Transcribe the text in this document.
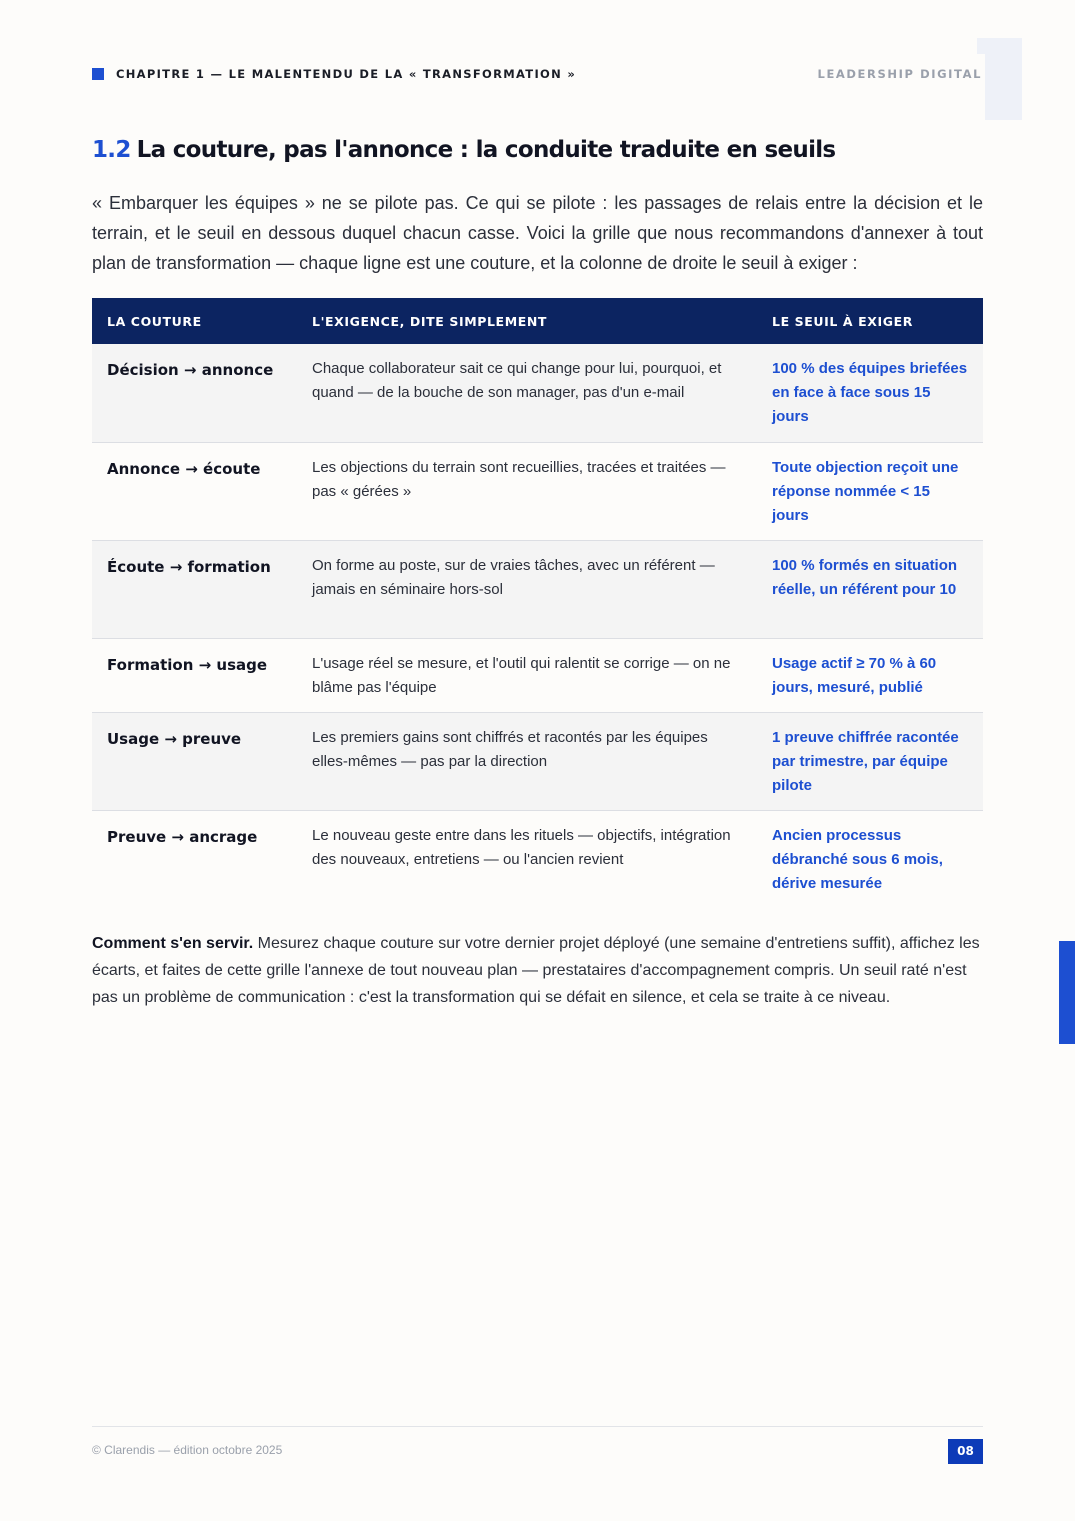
CHAPITRE 1 — LE MALENTENDU DE LA « TRANSFORMATION »	LEADERSHIP DIGITAL
1.2 La couture, pas l'annonce : la conduite traduite en seuils

« Embarquer les équipes » ne se pilote pas. Ce qui se pilote : les passages de relais entre la décision et le terrain, et le seuil en dessous duquel chacun casse. Voici la grille que nous recommandons d'annexer à tout plan de transformation — chaque ligne est une couture, et la colonne de droite le seuil à exiger :

LA COUTURE	L'EXIGENCE, DITE SIMPLEMENT	LE SEUIL À EXIGER
Décision → annonce	Chaque collaborateur sait ce qui change pour lui, pourquoi, et quand — de la bouche de son manager, pas d'un e-mail	100 % des équipes briefées en face à face sous 15 jours
Annonce → écoute	Les objections du terrain sont recueillies, tracées et traitées — pas « gérées »	Toute objection reçoit une réponse nommée < 15 jours
Écoute → formation	On forme au poste, sur de vraies tâches, avec un référent — jamais en séminaire hors-sol	100 % formés en situation réelle, un référent pour 10
Formation → usage	L'usage réel se mesure, et l'outil qui ralentit se corrige — on ne blâme pas l'équipe	Usage actif ≥ 70 % à 60 jours, mesuré, publié
Usage → preuve	Les premiers gains sont chiffrés et racontés par les équipes elles-mêmes — pas par la direction	1 preuve chiffrée racontée par trimestre, par équipe pilote
Preuve → ancrage	Le nouveau geste entre dans les rituels — objectifs, intégration des nouveaux, entretiens — ou l'ancien revient	Ancien processus débranché sous 6 mois, dérive mesurée

Comment s'en servir. Mesurez chaque couture sur votre dernier projet déployé (une semaine d'entretiens suffit), affichez les écarts, et faites de cette grille l'annexe de tout nouveau plan — prestataires d'accompagnement compris. Un seuil raté n'est pas un problème de communication : c'est la transformation qui se défait en silence, et cela se traite à ce niveau.

© Clarendis — édition octobre 2025	08
